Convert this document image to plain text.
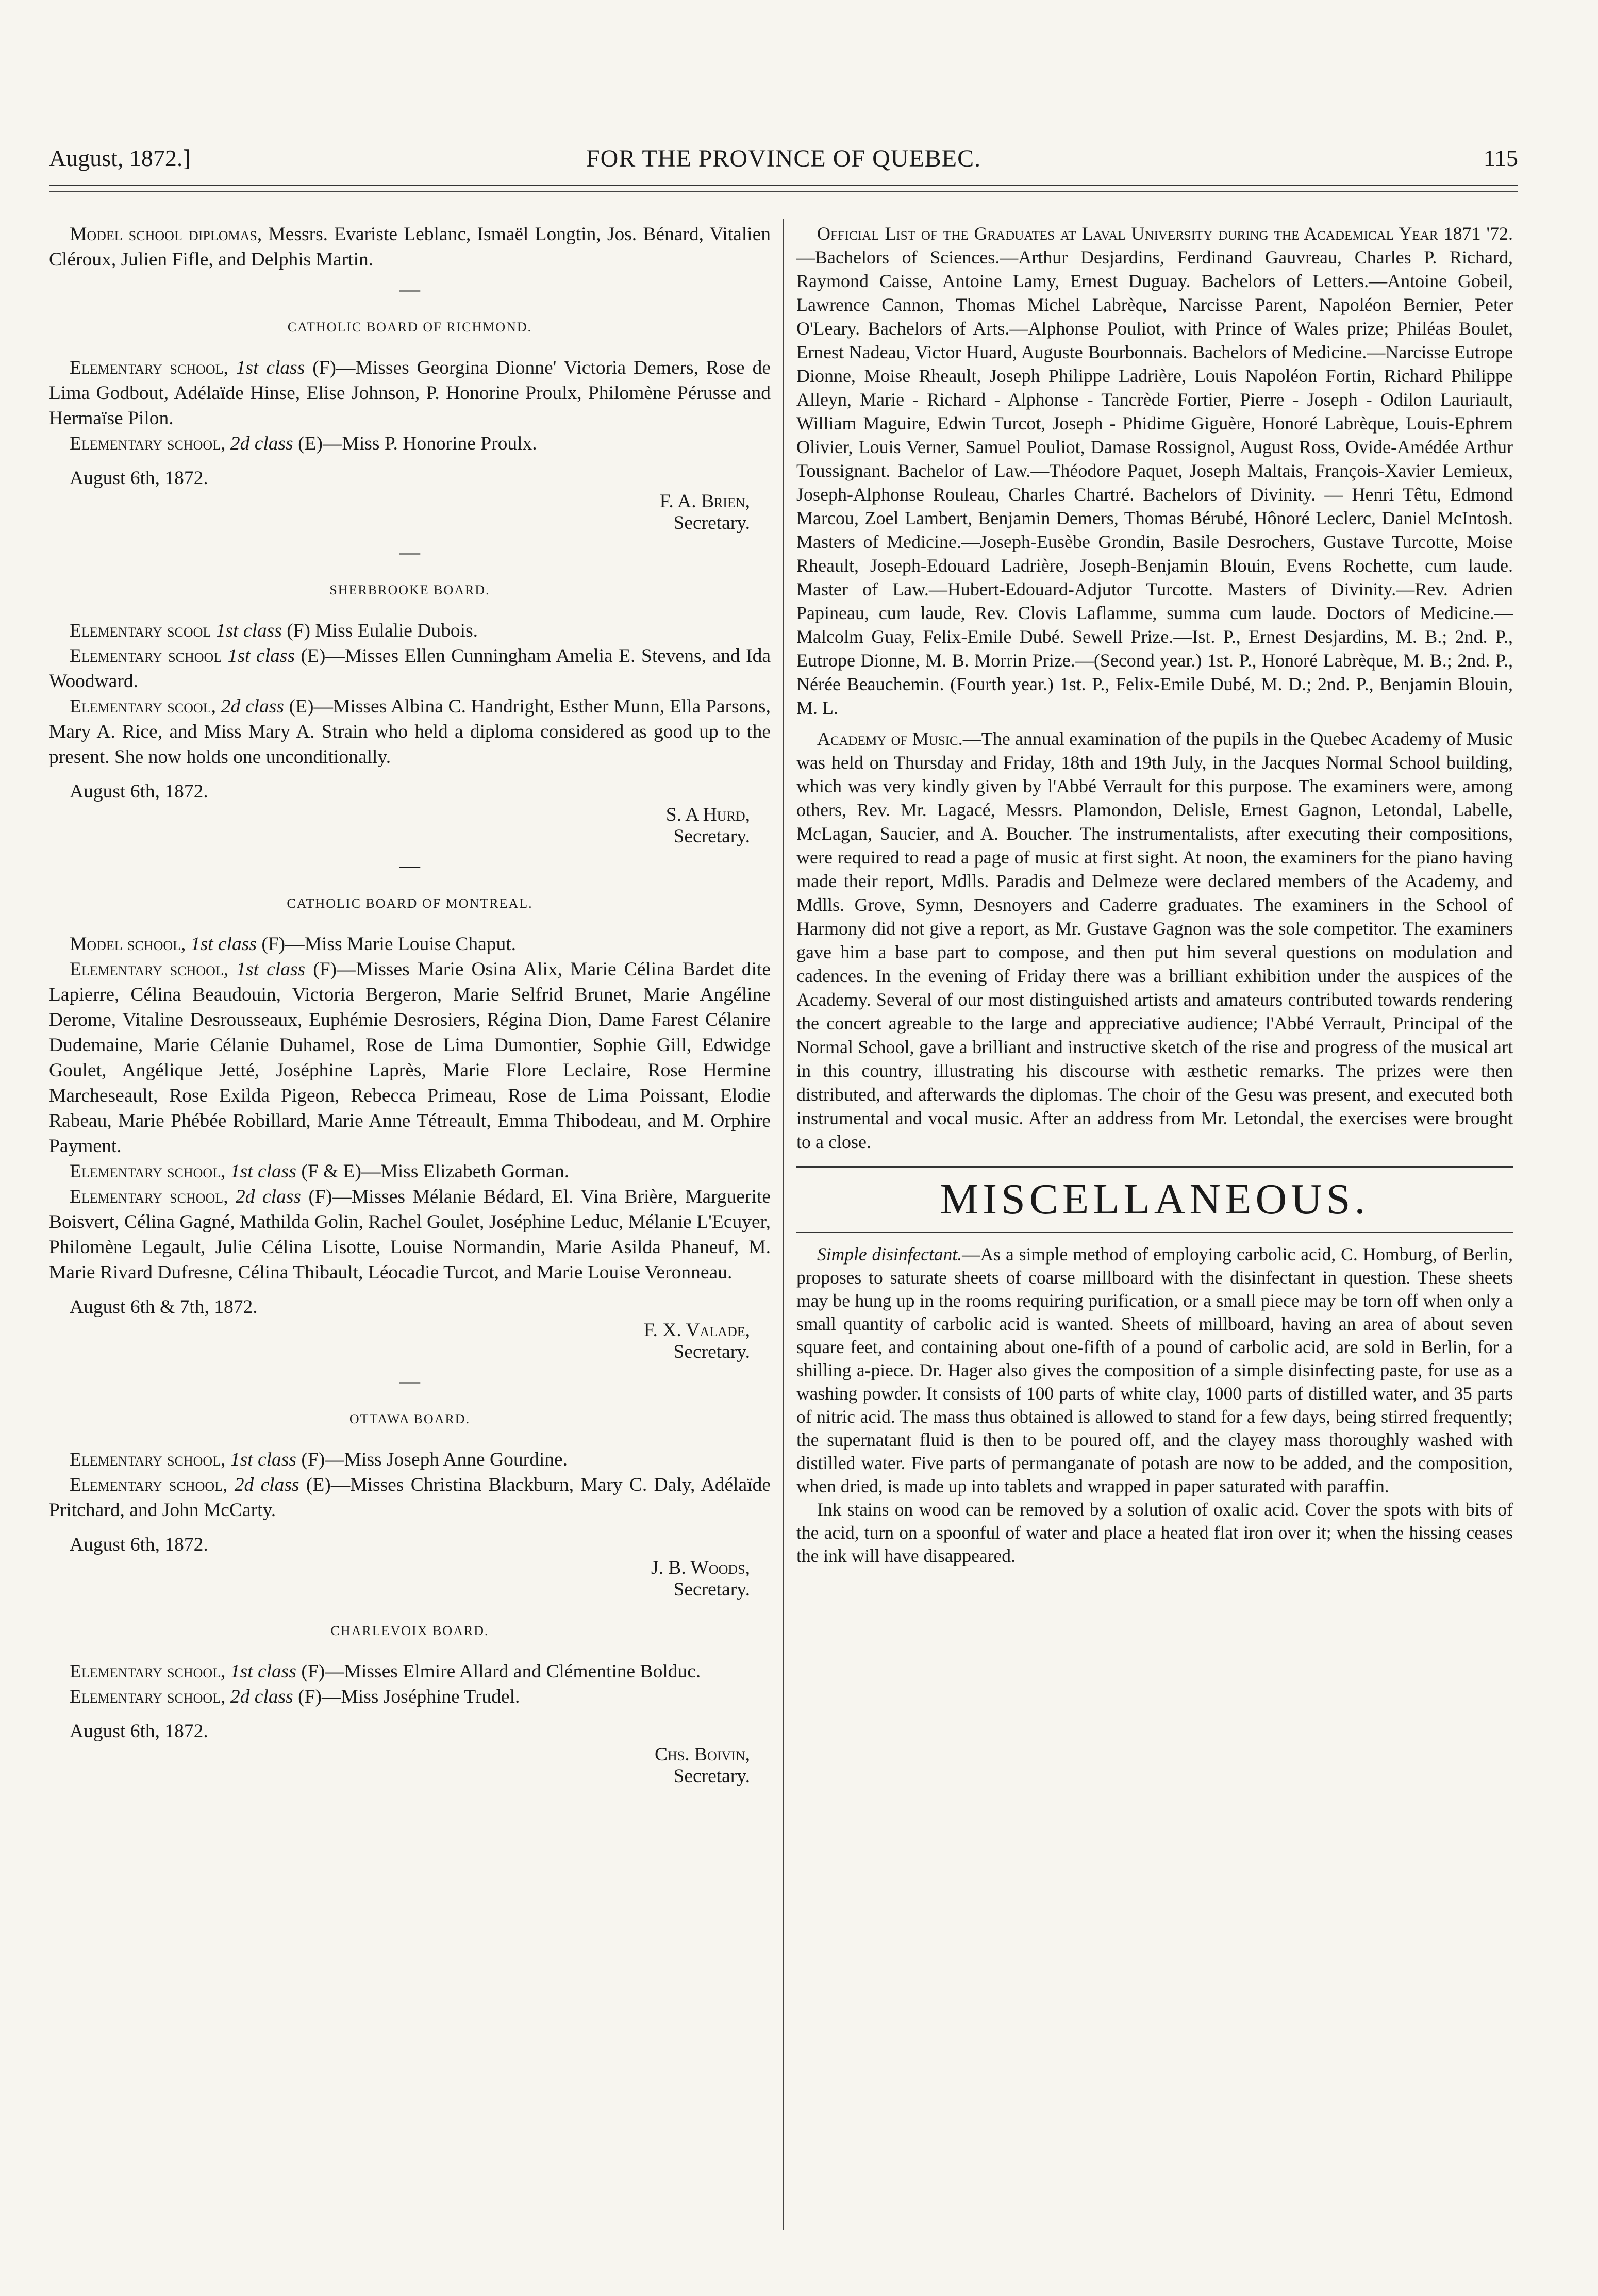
August, 1872.]	FOR THE PROVINCE OF QUEBEC.	115

Model school diplomas, Messrs. Evariste Leblanc, Ismaël Longtin, Jos. Bénard, Vitalien Cléroux, Julien Fifle, and Delphis Martin.

—
CATHOLIC BOARD OF RICHMOND.

Elementary school, 1st class (F)—Misses Georgina Dionne' Victoria Demers, Rose de Lima Godbout, Adélaïde Hinse, Elise Johnson, P. Honorine Proulx, Philomène Pérusse and Hermaïse Pilon.

Elementary school, 2d class (E)—Miss P. Honorine Proulx.

August 6th, 1872.

F. A. Brien,
Secretary.
—
SHERBROOKE BOARD.

Elementary scool 1st class (F) Miss Eulalie Dubois.

Elementary school 1st class (E)—Misses Ellen Cunningham Amelia E. Stevens, and Ida Woodward.

Elementary scool, 2d class (E)—Misses Albina C. Handright, Esther Munn, Ella Parsons, Mary A. Rice, and Miss Mary A. Strain who held a diploma considered as good up to the present. She now holds one unconditionally.

August 6th, 1872.

S. A Hurd,
Secretary.
—
CATHOLIC BOARD OF MONTREAL.

Model school, 1st class (F)—Miss Marie Louise Chaput.

Elementary school, 1st class (F)—Misses Marie Osina Alix, Marie Célina Bardet dite Lapierre, Célina Beaudouin, Victoria Bergeron, Marie Selfrid Brunet, Marie Angéline Derome, Vitaline Desrousseaux, Euphémie Desrosiers, Régina Dion, Dame Farest Célanire Dudemaine, Marie Célanie Duhamel, Rose de Lima Dumontier, Sophie Gill, Edwidge Goulet, Angélique Jetté, Joséphine Laprès, Marie Flore Leclaire, Rose Hermine Marcheseault, Rose Exilda Pigeon, Rebecca Primeau, Rose de Lima Poissant, Elodie Rabeau, Marie Phébée Robillard, Marie Anne Tétreault, Emma Thibodeau, and M. Orphire Payment.

Elementary school, 1st class (F & E)—Miss Elizabeth Gorman.

Elementary school, 2d class (F)—Misses Mélanie Bédard, El. Vina Brière, Marguerite Boisvert, Célina Gagné, Mathilda Golin, Rachel Goulet, Joséphine Leduc, Mélanie L'Ecuyer, Philomène Legault, Julie Célina Lisotte, Louise Normandin, Marie Asilda Phaneuf, M. Marie Rivard Dufresne, Célina Thibault, Léocadie Turcot, and Marie Louise Veronneau.

August 6th & 7th, 1872.

F. X. Valade,
Secretary.
—
OTTAWA BOARD.

Elementary school, 1st class (F)—Miss Joseph Anne Gourdine.

Elementary school, 2d class (E)—Misses Christina Blackburn, Mary C. Daly, Adélaïde Pritchard, and John McCarty.

August 6th, 1872.

J. B. Woods,
Secretary.
CHARLEVOIX BOARD.

Elementary school, 1st class (F)—Misses Elmire Allard and Clémentine Bolduc.

Elementary school, 2d class (F)—Miss Joséphine Trudel.

August 6th, 1872.

Chs. Boivin,
Secretary.

Official List of the Graduates at Laval University during the Academical Year 1871 '72.—Bachelors of Sciences.—Arthur Desjardins, Ferdinand Gauvreau, Charles P. Richard, Raymond Caisse, Antoine Lamy, Ernest Duguay. Bachelors of Letters.—Antoine Gobeil, Lawrence Cannon, Thomas Michel Labrèque, Narcisse Parent, Napoléon Bernier, Peter O'Leary. Bachelors of Arts.—Alphonse Pouliot, with Prince of Wales prize; Philéas Boulet, Ernest Nadeau, Victor Huard, Auguste Bourbonnais. Bachelors of Medicine.—Narcisse Eutrope Dionne, Moise Rheault, Joseph Philippe Ladrière, Louis Napoléon Fortin, Richard Philippe Alleyn, Marie - Richard - Alphonse - Tancrède Fortier, Pierre - Joseph - Odilon Lauriault, William Maguire, Edwin Turcot, Joseph - Phidime Giguère, Honoré Labrèque, Louis-Ephrem Olivier, Louis Verner, Samuel Pouliot, Damase Rossignol, August Ross, Ovide-Amédée Arthur Toussignant. Bachelor of Law.—Théodore Paquet, Joseph Maltais, François-Xavier Lemieux, Joseph-Alphonse Rouleau, Charles Chartré. Bachelors of Divinity. — Henri Têtu, Edmond Marcou, Zoel Lambert, Benjamin Demers, Thomas Bérubé, Hônoré Leclerc, Daniel McIntosh. Masters of Medicine.—Joseph-Eusèbe Grondin, Basile Desrochers, Gustave Turcotte, Moise Rheault, Joseph-Edouard Ladrière, Joseph-Benjamin Blouin, Evens Rochette, cum laude. Master of Law.—Hubert-Edouard-Adjutor Turcotte. Masters of Divinity.—Rev. Adrien Papineau, cum laude, Rev. Clovis Laflamme, summa cum laude. Doctors of Medicine.—Malcolm Guay, Felix-Emile Dubé. Sewell Prize.—Ist. P., Ernest Desjardins, M. B.; 2nd. P., Eutrope Dionne, M. B. Morrin Prize.—(Second year.) 1st. P., Honoré Labrèque, M. B.; 2nd. P., Nérée Beauchemin. (Fourth year.) 1st. P., Felix-Emile Dubé, M. D.; 2nd. P., Benjamin Blouin, M. L.

Academy of Music.—The annual examination of the pupils in the Quebec Academy of Music was held on Thursday and Friday, 18th and 19th July, in the Jacques Normal School building, which was very kindly given by l'Abbé Verrault for this purpose. The examiners were, among others, Rev. Mr. Lagacé, Messrs. Plamondon, Delisle, Ernest Gagnon, Letondal, Labelle, McLagan, Saucier, and A. Boucher. The instrumentalists, after executing their compositions, were required to read a page of music at first sight. At noon, the examiners for the piano having made their report, Mdlls. Paradis and Delmeze were declared members of the Academy, and Mdlls. Grove, Symn, Desnoyers and Caderre graduates. The examiners in the School of Harmony did not give a report, as Mr. Gustave Gagnon was the sole competitor. The examiners gave him a base part to compose, and then put him several questions on modulation and cadences. In the evening of Friday there was a brilliant exhibition under the auspices of the Academy. Several of our most distinguished artists and amateurs contributed towards rendering the concert agreable to the large and appreciative audience; l'Abbé Verrault, Principal of the Normal School, gave a brilliant and instructive sketch of the rise and progress of the musical art in this country, illustrating his discourse with æsthetic remarks. The prizes were then distributed, and afterwards the diplomas. The choir of the Gesu was present, and executed both instrumental and vocal music. After an address from Mr. Letondal, the exercises were brought to a close.

MISCELLANEOUS.

Simple disinfectant.—As a simple method of employing carbolic acid, C. Homburg, of Berlin, proposes to saturate sheets of coarse millboard with the disinfectant in question. These sheets may be hung up in the rooms requiring purification, or a small piece may be torn off when only a small quantity of carbolic acid is wanted. Sheets of millboard, having an area of about seven square feet, and containing about one-fifth of a pound of carbolic acid, are sold in Berlin, for a shilling a-piece. Dr. Hager also gives the composition of a simple disinfecting paste, for use as a washing powder. It consists of 100 parts of white clay, 1000 parts of distilled water, and 35 parts of nitric acid. The mass thus obtained is allowed to stand for a few days, being stirred frequently; the supernatant fluid is then to be poured off, and the clayey mass thoroughly washed with distilled water. Five parts of permanganate of potash are now to be added, and the composition, when dried, is made up into tablets and wrapped in paper saturated with paraffin.

Ink stains on wood can be removed by a solution of oxalic acid. Cover the spots with bits of the acid, turn on a spoonful of water and place a heated flat iron over it; when the hissing ceases the ink will have disappeared.
